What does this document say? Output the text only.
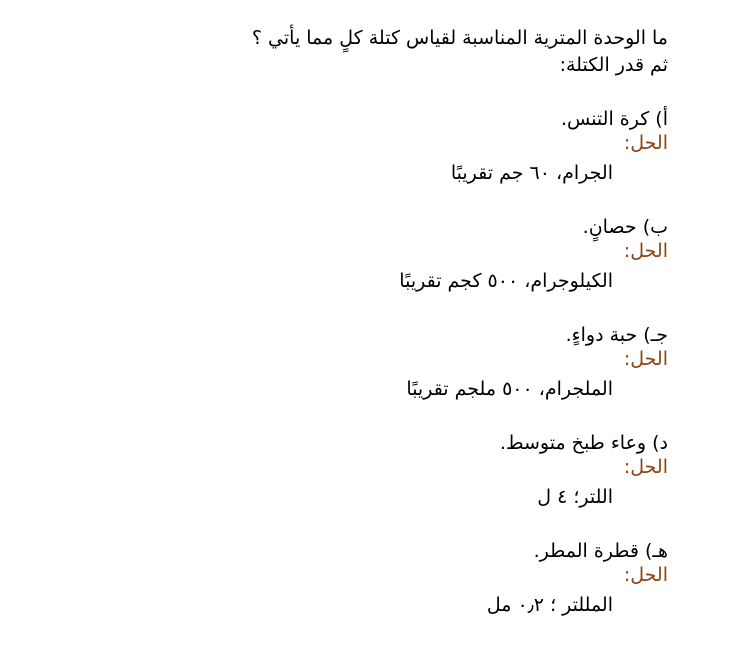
ما الوحدة المترية المناسبة لقياس كتلة كلٍ مما يأتي ؟
ثم قدر الكتلة:
أ) كرة التنس.
الحل:
الجرام، ٦٠ جم تقريبًا
ب) حصانٍ.
الحل:
الكيلوجرام، ٥٠٠ كجم تقريبًا
جـ) حبة دواءٍ.
الحل:
الملجرام، ٥٠٠ ملجم تقريبًا
د) وعاء طبخ متوسط.
الحل:
اللتر؛ ٤ ل
هـ) قطرة المطر.
الحل:
المللتر ؛ ٠٫٢ مل
